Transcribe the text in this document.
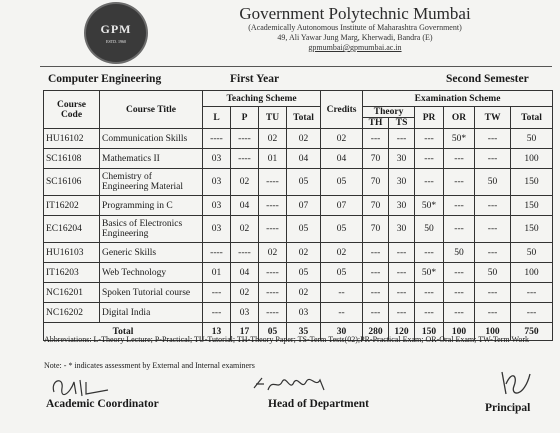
GPM
ESTD. 1960
Government Polytechnic Mumbai
(Academically Autonomous Institute of Maharashtra Government)
49, Ali Yawar Jung Marg, Kherwadi, Bandra (E)
gpmumbai@gpmumbai.ac.in
Computer Engineering	First Year	Second Semester
Course Code	Course Title	Teaching Scheme				Credits	Examination Scheme					
		L	P	TU	Total		Theory		PR	OR	TW	Total
							TH	TS				
HU16102	Communication Skills	----	----	02	02	02	---	---	---	50*	---	50
SC16108	Mathematics II	03	----	01	04	04	70	30	---	---	---	100
SC16106	Chemistry of Engineering Material	03	02	----	05	05	70	30	---	---	50	150
IT16202	Programming in C	03	04	----	07	07	70	30	50*	---	---	150
EC16204	Basics of Electronics Engineering	03	02	----	05	05	70	30	50	---	---	150
HU16103	Generic Skills	----	----	02	02	02	---	---	---	50	---	50
IT16203	Web Technology	01	04	----	05	05	---	---	50*	---	50	100
NC16201	Spoken Tutorial course	---	02	----	02	--	---	---	---	---	---	---
NC16202	Digital India	---	03	----	03	--	---	---	---	---	---	---
Total		13	17	05	35	30	280	120	150	100	100	750
Abbreviations: L-Theory Lecture; P-Practical; TU-Tutorial; TH-Theory Paper; TS-Term Tests(02);PR-Practical Exam; OR-Oral Exam; TW-Term Work
Note: - * indicates assessment by External and Internal examiners
Academic Coordinator	Head of Department	Principal
